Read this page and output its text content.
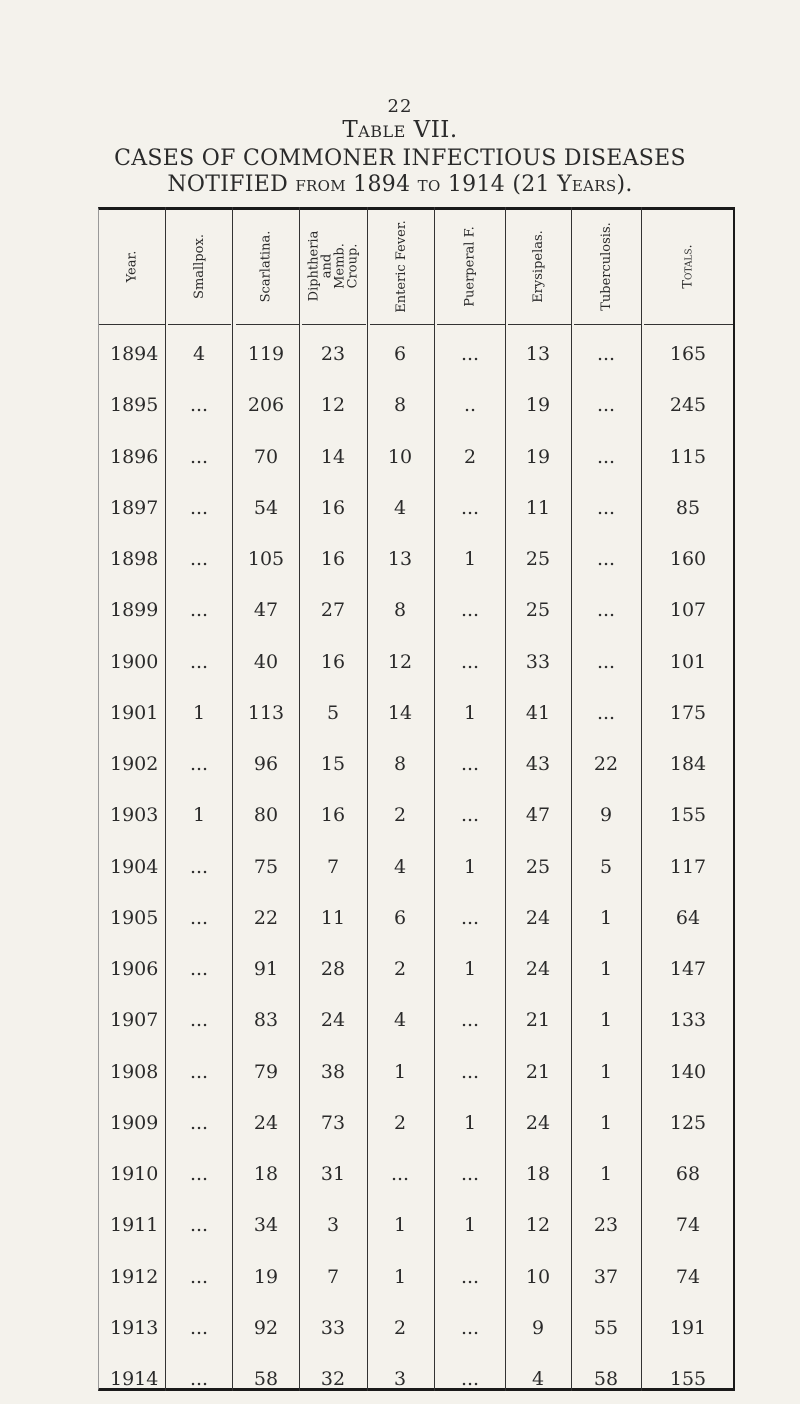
22
Table VII.
CASES OF COMMONER INFECTIOUS DISEASES
NOTIFIED from 1894 to 1914 (21 Years).
Year.	Smallpox.	Scarlatina.	Diphtheria and Memb. Croup.	Enteric Fever.	Puerperal F.	Erysipelas.	Tuberculosis.	Totals.
1894	4	119	23	6	...	13	...	165
1895	...	206	12	8	..	19	...	245
1896	...	70	14	10	2	19	...	115
1897	...	54	16	4	...	11	...	85
1898	...	105	16	13	1	25	...	160
1899	...	47	27	8	...	25	...	107
1900	...	40	16	12	...	33	...	101
1901	1	113	5	14	1	41	...	175
1902	...	96	15	8	...	43	22	184
1903	1	80	16	2	...	47	9	155
1904	...	75	7	4	1	25	5	117
1905	...	22	11	6	...	24	1	64
1906	...	91	28	2	1	24	1	147
1907	...	83	24	4	...	21	1	133
1908	...	79	38	1	...	21	1	140
1909	...	24	73	2	1	24	1	125
1910	...	18	31	...	...	18	1	68
1911	...	34	3	1	1	12	23	74
1912	...	19	7	1	...	10	37	74
1913	...	92	33	2	...	9	55	191
1914	...	58	32	3	...	4	58	155
